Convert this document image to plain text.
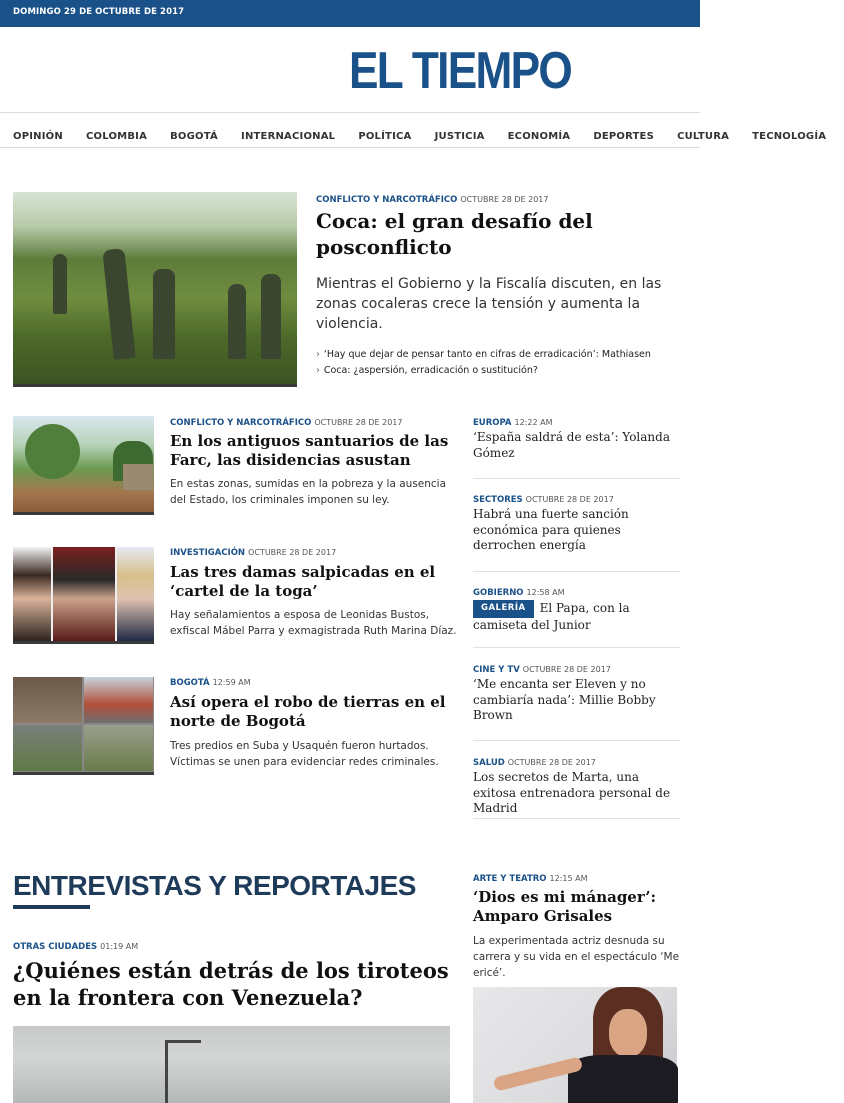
DOMINGO 29 DE OCTUBRE DE 2017
EL TIEMPO
OPINIÓN COLOMBIA BOGOTÁ INTERNACIONAL POLÍTICA JUSTICIA ECONOMÍA DEPORTES CULTURA TECNOLOGÍA
CONFLICTO Y NARCOTRÁFICO OCTUBRE 28 DE 2017
Coca: el gran desafío del posconflicto
Mientras el Gobierno y la Fiscalía discuten, en las zonas cocaleras crece la tensión y aumenta la violencia.
› ‘Hay que dejar de pensar tanto en cifras de erradicación’: Mathiasen
› Coca: ¿aspersión, erradicación o sustitución?
CONFLICTO Y NARCOTRÁFICO OCTUBRE 28 DE 2017
En los antiguos santuarios de las Farc, las disidencias asustan
En estas zonas, sumidas en la pobreza y la ausencia del Estado, los criminales imponen su ley.
INVESTIGACIÓN OCTUBRE 28 DE 2017
Las tres damas salpicadas en el ‘cartel de la toga’
Hay señalamientos a esposa de Leonidas Bustos, exfiscal Mábel Parra y exmagistrada Ruth Marina Díaz.
BOGOTÁ 12:59 AM
Así opera el robo de tierras en el norte de Bogotá
Tres predios en Suba y Usaquén fueron hurtados. Víctimas se unen para evidenciar redes criminales.
EUROPA 12:22 AM
‘España saldrá de esta’: Yolanda Gómez
SECTORES OCTUBRE 28 DE 2017
Habrá una fuerte sanción económica para quienes derrochen energía
GOBIERNO 12:58 AM
GALERÍA El Papa, con la camiseta del Junior
CINE Y TV OCTUBRE 28 DE 2017
‘Me encanta ser Eleven y no cambiaría nada’: Millie Bobby Brown
SALUD OCTUBRE 28 DE 2017
Los secretos de Marta, una exitosa entrenadora personal de Madrid
ENTREVISTAS Y REPORTAJES
OTRAS CIUDADES 01:19 AM
¿Quiénes están detrás de los tiroteos en la frontera con Venezuela?
ARTE Y TEATRO 12:15 AM
‘Dios es mi mánager’: Amparo Grisales
La experimentada actriz desnuda su carrera y su vida en el espectáculo ‘Me ericé’.
